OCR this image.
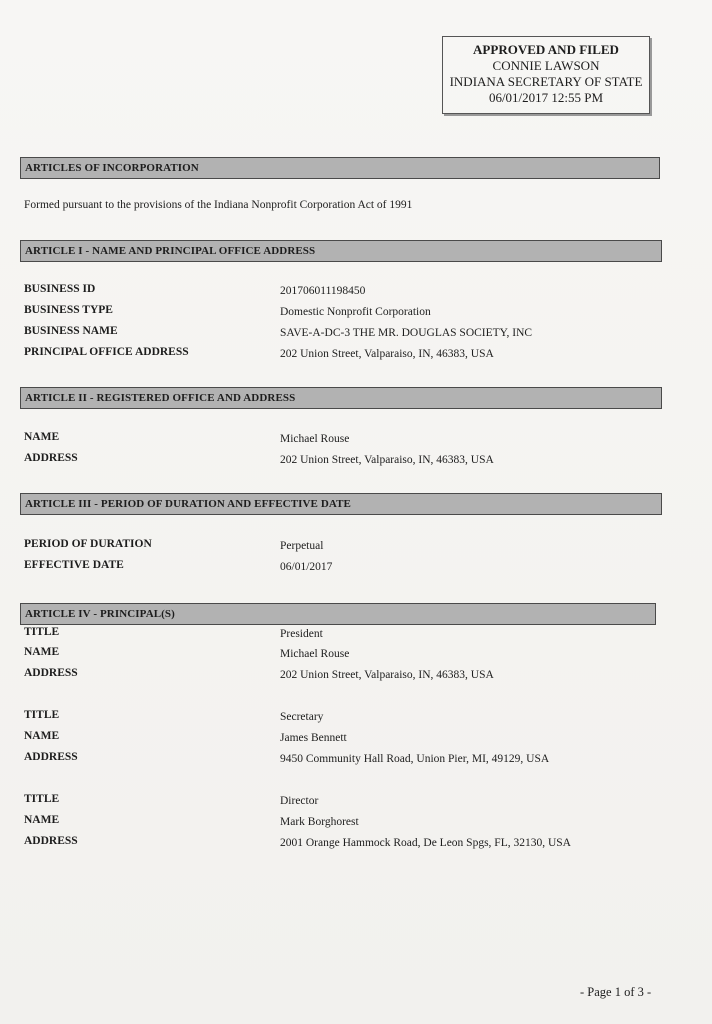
APPROVED AND FILED
CONNIE LAWSON
INDIANA SECRETARY OF STATE
06/01/2017 12:55 PM
ARTICLES OF INCORPORATION
Formed pursuant to the provisions of the Indiana Nonprofit Corporation Act of 1991
ARTICLE I - NAME AND PRINCIPAL OFFICE ADDRESS
BUSINESS ID	201706011198450
BUSINESS TYPE	Domestic Nonprofit Corporation
BUSINESS NAME	SAVE-A-DC-3 THE MR. DOUGLAS SOCIETY, INC
PRINCIPAL OFFICE ADDRESS	202 Union Street, Valparaiso, IN, 46383, USA
ARTICLE II - REGISTERED OFFICE AND ADDRESS
NAME	Michael Rouse
ADDRESS	202 Union Street, Valparaiso, IN, 46383, USA
ARTICLE III - PERIOD OF DURATION AND EFFECTIVE DATE
PERIOD OF DURATION	Perpetual
EFFECTIVE DATE	06/01/2017
ARTICLE IV - PRINCIPAL(S)
TITLE	President
NAME	Michael Rouse
ADDRESS	202 Union Street, Valparaiso, IN, 46383, USA
TITLE	Secretary
NAME	James Bennett
ADDRESS	9450 Community Hall Road, Union Pier, MI, 49129, USA
TITLE	Director
NAME	Mark Borghorest
ADDRESS	2001 Orange Hammock Road, De Leon Spgs, FL, 32130, USA
- Page 1 of 3 -
